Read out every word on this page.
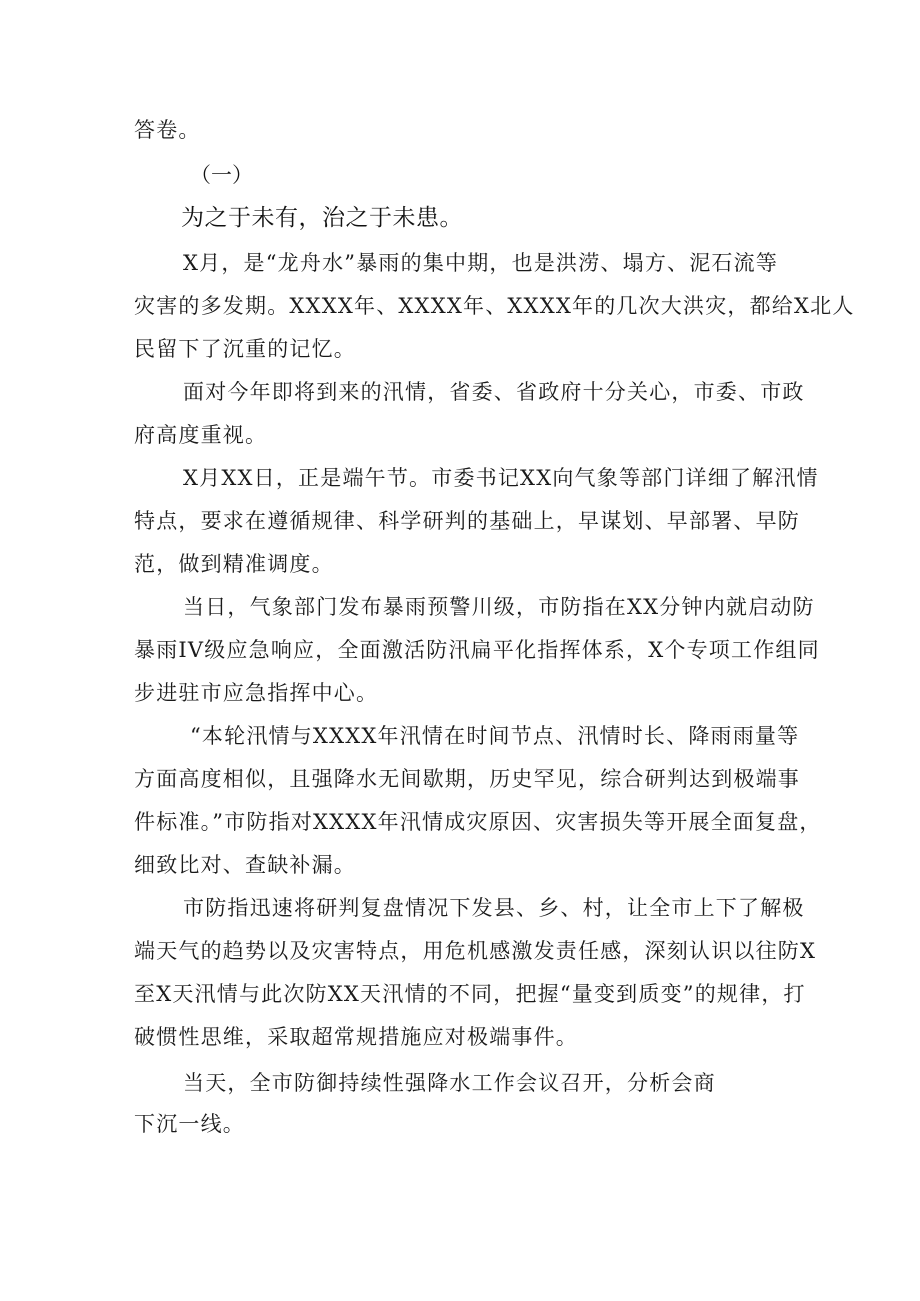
答卷。
（一）
为之于未有，治之于未患。
X月，是“龙舟水”暴雨的集中期，也是洪涝、塌方、泥石流等
灾害的多发期。XXXX年、XXXX年、XXXX年的几次大洪灾，都给X北人
民留下了沉重的记忆。
面对今年即将到来的汛情，省委、省政府十分关心，市委、市政
府高度重视。
X月XX日，正是端午节。市委书记XX向气象等部门详细了解汛情
特点，要求在遵循规律、科学研判的基础上，早谋划、早部署、早防
范，做到精准调度。
当日，气象部门发布暴雨预警川级，市防指在XX分钟内就启动防
暴雨IV级应急响应，全面激活防汛扁平化指挥体系，X个专项工作组同
步进驻市应急指挥中心。
“本轮汛情与XXXX年汛情在时间节点、汛情时长、降雨雨量等
方面高度相似，且强降水无间歇期，历史罕见，综合研判达到极端事
件标准。”市防指对XXXX年汛情成灾原因、灾害损失等开展全面复盘，
细致比对、查缺补漏。
市防指迅速将研判复盘情况下发县、乡、村，让全市上下了解极
端天气的趋势以及灾害特点，用危机感激发责任感，深刻认识以往防X
至X天汛情与此次防XX天汛情的不同，把握“量变到质变”的规律，打
破惯性思维，采取超常规措施应对极端事件。
当天，全市防御持续性强降水工作会议召开，分析会商
下沉一线。
